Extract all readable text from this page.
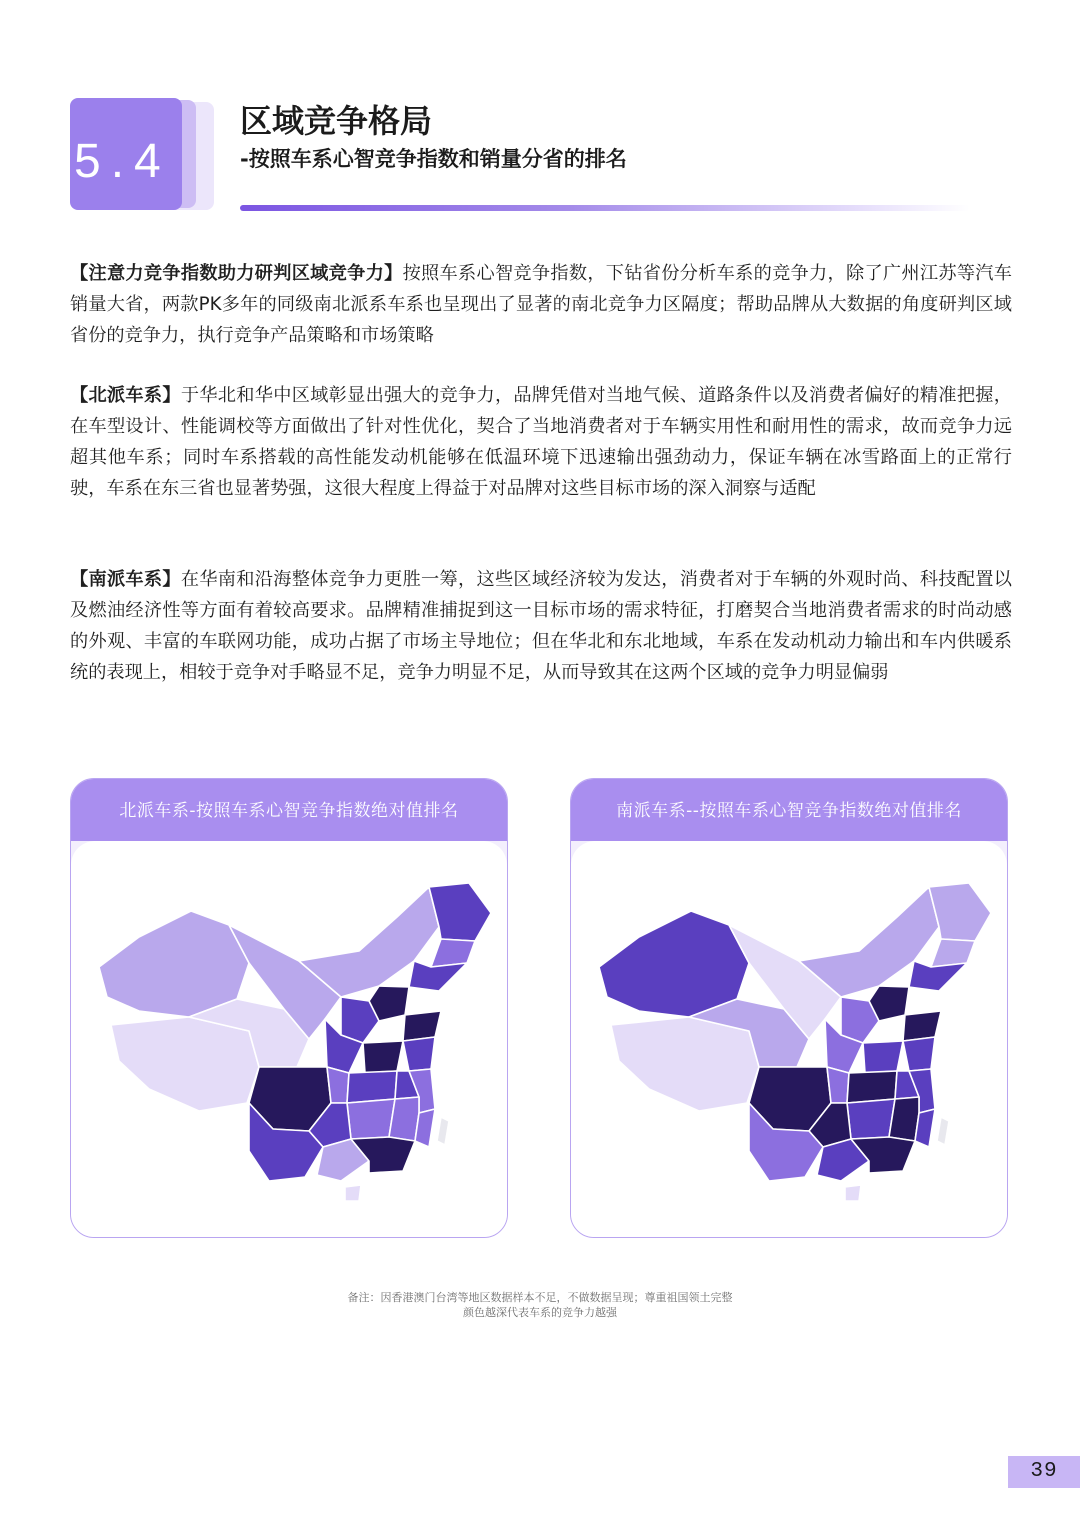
5.4
区域竞争格局
-按照车系心智竞争指数和销量分省的排名

【注意力竞争指数助力研判区域竞争力】按照车系心智竞争指数，下钻省份分析车系的竞争力，除了广州江苏等汽车销量大省，两款PK多年的同级南北派系车系也呈现出了显著的南北竞争力区隔度；帮助品牌从大数据的角度研判区域省份的竞争力，执行竞争产品策略和市场策略

【北派车系】于华北和华中区域彰显出强大的竞争力，品牌凭借对当地气候、道路条件以及消费者偏好的精准把握，在车型设计、性能调校等方面做出了针对性优化，契合了当地消费者对于车辆实用性和耐用性的需求，故而竞争力远超其他车系；同时车系搭载的高性能发动机能够在低温环境下迅速输出强劲动力，保证车辆在冰雪路面上的正常行驶，车系在东三省也显著势强，这很大程度上得益于对品牌对这些目标市场的深入洞察与适配

【南派车系】在华南和沿海整体竞争力更胜一筹，这些区域经济较为发达，消费者对于车辆的外观时尚、科技配置以及燃油经济性等方面有着较高要求。品牌精准捕捉到这一目标市场的需求特征，打磨契合当地消费者需求的时尚动感的外观、丰富的车联网功能，成功占据了市场主导地位；但在华北和东北地域，车系在发动机动力输出和车内供暖系统的表现上，相较于竞争对手略显不足，竞争力明显不足，从而导致其在这两个区域的竞争力明显偏弱

北派车系-按照车系心智竞争指数绝对值排名	南派车系--按照车系心智竞争指数绝对值排名
备注：因香港澳门台湾等地区数据样本不足，不做数据呈现；尊重祖国领土完整
颜色越深代表车系的竞争力越强
39
